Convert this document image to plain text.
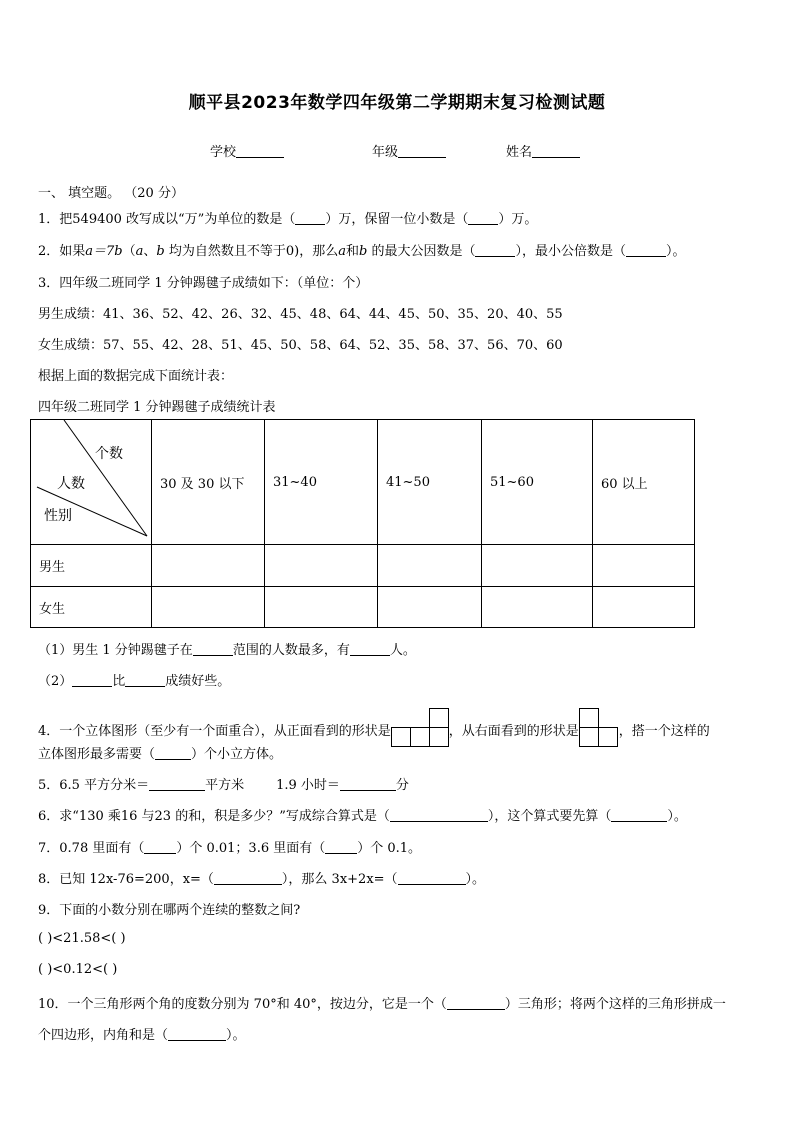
顺平县2023年数学四年级第二学期期末复习检测试题
学校	年级	姓名
一、 填空题。 （20 分）
1．把549400 改写成以“万”为单位的数是（ ）万，保留一位小数是（ ）万。
2．如果a＝7b（a、b 均为自然数且不等于0)，那么a和b 的最大公因数是（	），最小公倍数是（	）。
3．四年级二班同学 1 分钟踢毽子成绩如下：（单位：个）
男生成绩：41、36、52、42、26、32、45、48、64、44、45、50、35、20、40、55
女生成绩：57、55、42、28、51、45、50、58、64、52、35、58、37、56、70、60
根据上面的数据完成下面统计表：
四年级二班同学 1 分钟踢毽子成绩统计表
个数
人数
性别	30 及 30 以下	31~40	41~50	51~60	60 以上
男生					
女生					
（1）男生 1 分钟踢毽子在	范围的人数最多，有	人。
（2）	比	成绩好些。
4．一个立体图形（至少有一个面重合），从正面看到的形状是	，从右面看到的形状是	，搭一个这样的
立体图形最多需要（	）个小立方体。
5．6.5 平方分米＝	平方米 1.9 小时＝	分
6．求“130 乘16 与23 的和，积是多少？”写成综合算式是（	），这个算式要先算（	）。
7．0.78 里面有（ ）个 0.01；3.6 里面有（ ）个 0.1。
8．已知 12x-76=200，x=（	），那么 3x+2x=（	）。
9．下面的小数分别在哪两个连续的整数之间?
( )<21.58<( )
( )<0.12<( )
10．一个三角形两个角的度数分别为 70°和 40°，按边分，它是一个（	）三角形；将两个这样的三角形拼成一
个四边形，内角和是（	）。
